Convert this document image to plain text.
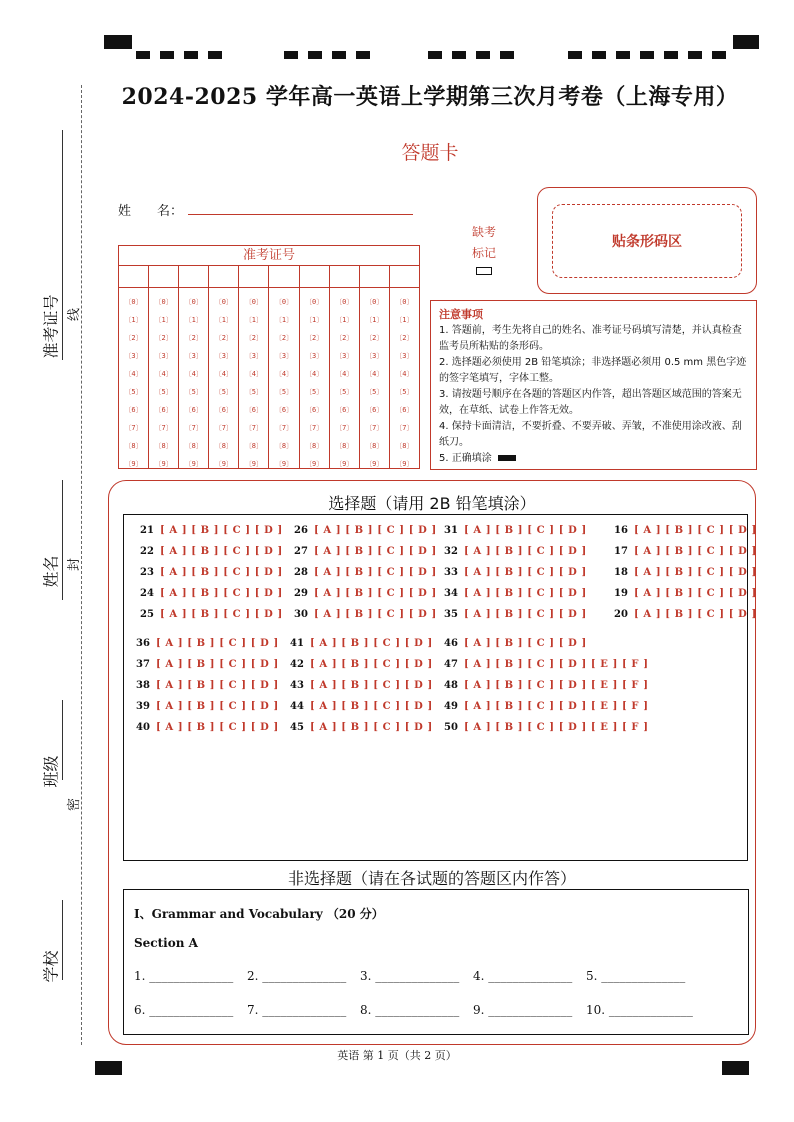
准考证号
姓名
班级
学校
线
封
密
2024-2025 学年高一英语上学期第三次月考卷（上海专用）
答题卡
姓　　名：
准考证号
〔0〕
〔1〕
〔2〕
〔3〕
〔4〕
〔5〕
〔6〕
〔7〕
〔8〕
〔9〕
〔0〕
〔1〕
〔2〕
〔3〕
〔4〕
〔5〕
〔6〕
〔7〕
〔8〕
〔9〕
〔0〕
〔1〕
〔2〕
〔3〕
〔4〕
〔5〕
〔6〕
〔7〕
〔8〕
〔9〕
〔0〕
〔1〕
〔2〕
〔3〕
〔4〕
〔5〕
〔6〕
〔7〕
〔8〕
〔9〕
〔0〕
〔1〕
〔2〕
〔3〕
〔4〕
〔5〕
〔6〕
〔7〕
〔8〕
〔9〕
〔0〕
〔1〕
〔2〕
〔3〕
〔4〕
〔5〕
〔6〕
〔7〕
〔8〕
〔9〕
〔0〕
〔1〕
〔2〕
〔3〕
〔4〕
〔5〕
〔6〕
〔7〕
〔8〕
〔9〕
〔0〕
〔1〕
〔2〕
〔3〕
〔4〕
〔5〕
〔6〕
〔7〕
〔8〕
〔9〕
〔0〕
〔1〕
〔2〕
〔3〕
〔4〕
〔5〕
〔6〕
〔7〕
〔8〕
〔9〕
〔0〕
〔1〕
〔2〕
〔3〕
〔4〕
〔5〕
〔6〕
〔7〕
〔8〕
〔9〕
缺考
标记
贴条形码区
注意事项
1. 答题前，考生先将自己的姓名、准考证号码填写清楚，并认真检查监考员所粘贴的条形码。
2. 选择题必须使用 2B 铅笔填涂；非选择题必须用 0.5 mm 黑色字迹的签字笔填写，字体工整。
3. 请按题号顺序在各题的答题区内作答，超出答题区域范围的答案无效，在草纸、试卷上作答无效。
4. 保持卡面清洁，不要折叠、不要弄破、弄皱，不准使用涂改液、刮纸刀。
5. 正确填涂
选择题（请用 2B 铅笔填涂）
21 [ A ] [ B ] [ C ] [ D ]
22 [ A ] [ B ] [ C ] [ D ]
23 [ A ] [ B ] [ C ] [ D ]
24 [ A ] [ B ] [ C ] [ D ]
25 [ A ] [ B ] [ C ] [ D ]
26 [ A ] [ B ] [ C ] [ D ]
27 [ A ] [ B ] [ C ] [ D ]
28 [ A ] [ B ] [ C ] [ D ]
29 [ A ] [ B ] [ C ] [ D ]
30 [ A ] [ B ] [ C ] [ D ]
31 [ A ] [ B ] [ C ] [ D ]
32 [ A ] [ B ] [ C ] [ D ]
33 [ A ] [ B ] [ C ] [ D ]
34 [ A ] [ B ] [ C ] [ D ]
35 [ A ] [ B ] [ C ] [ D ]
16 [ A ] [ B ] [ C ] [ D ]
17 [ A ] [ B ] [ C ] [ D ]
18 [ A ] [ B ] [ C ] [ D ]
19 [ A ] [ B ] [ C ] [ D ]
20 [ A ] [ B ] [ C ] [ D ]
36 [ A ] [ B ] [ C ] [ D ]
37 [ A ] [ B ] [ C ] [ D ]
38 [ A ] [ B ] [ C ] [ D ]
39 [ A ] [ B ] [ C ] [ D ]
40 [ A ] [ B ] [ C ] [ D ]
41 [ A ] [ B ] [ C ] [ D ]
42 [ A ] [ B ] [ C ] [ D ]
43 [ A ] [ B ] [ C ] [ D ]
44 [ A ] [ B ] [ C ] [ D ]
45 [ A ] [ B ] [ C ] [ D ]
46 [ A ] [ B ] [ C ] [ D ]
47 [ A ] [ B ] [ C ] [ D ] [ E ] [ F ]
48 [ A ] [ B ] [ C ] [ D ] [ E ] [ F ]
49 [ A ] [ B ] [ C ] [ D ] [ E ] [ F ]
50 [ A ] [ B ] [ C ] [ D ] [ E ] [ F ]
非选择题（请在各试题的答题区内作答）
I、Grammar and Vocabulary （20 分）
Section A
1. ______________ 2. ______________ 3. ______________ 4. ______________ 5. ______________
6. ______________ 7. ______________ 8. ______________ 9. ______________ 10. ______________
英语 第 1 页（共 2 页）
